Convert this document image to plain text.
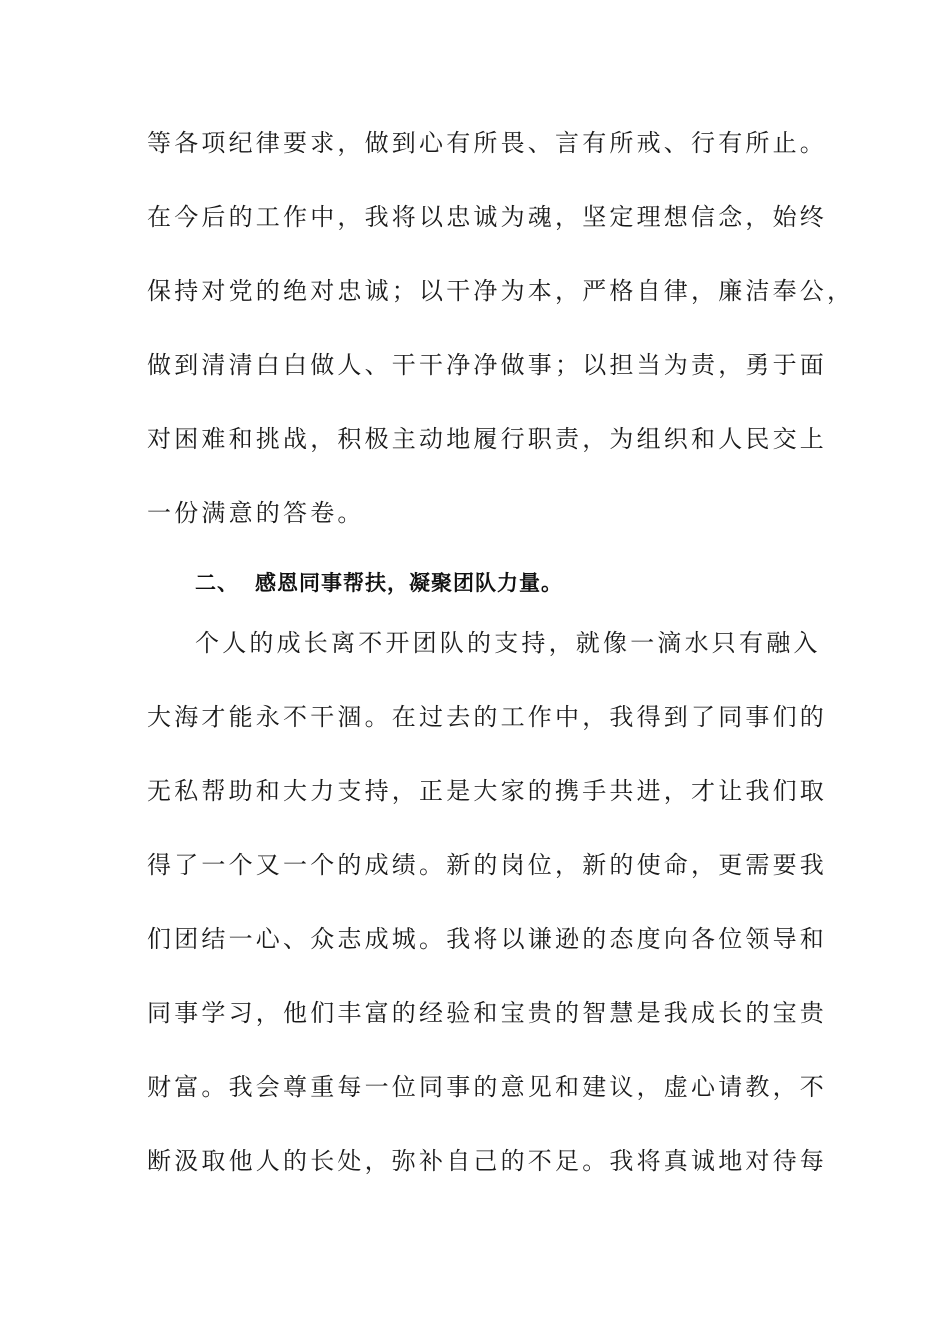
等各项纪律要求，做到心有所畏、言有所戒、行有所止。
在今后的工作中，我将以忠诚为魂，坚定理想信念，始终
保持对党的绝对忠诚；以干净为本，严格自律，廉洁奉公，
做到清清白白做人、干干净净做事；以担当为责，勇于面
对困难和挑战，积极主动地履行职责，为组织和人民交上
一份满意的答卷。
二、 感恩同事帮扶，凝聚团队力量。
个人的成长离不开团队的支持，就像一滴水只有融入
大海才能永不干涸。在过去的工作中，我得到了同事们的
无私帮助和大力支持，正是大家的携手共进，才让我们取
得了一个又一个的成绩。新的岗位，新的使命，更需要我
们团结一心、众志成城。我将以谦逊的态度向各位领导和
同事学习，他们丰富的经验和宝贵的智慧是我成长的宝贵
财富。我会尊重每一位同事的意见和建议，虚心请教，不
断汲取他人的长处，弥补自己的不足。我将真诚地对待每
